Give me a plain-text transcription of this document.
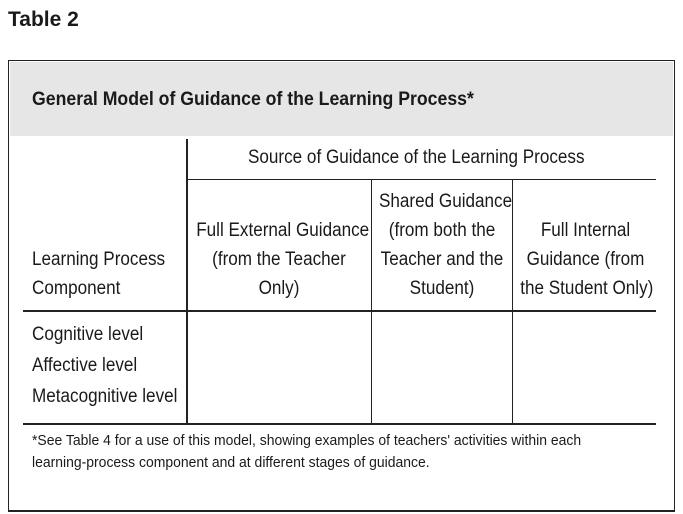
Table 2
General Model of Guidance of the Learning Process*
Source of Guidance of the Learning Process
Learning Process
Component
Full External Guidance
(from the Teacher
Only)
Shared Guidance
(from both the
Teacher and the
Student)
Full Internal
Guidance (from
the Student Only)
Cognitive level
Affective level
Metacognitive level
*See Table 4 for a use of this model, showing examples of teachers' activities within each
learning-process component and at different stages of guidance.
